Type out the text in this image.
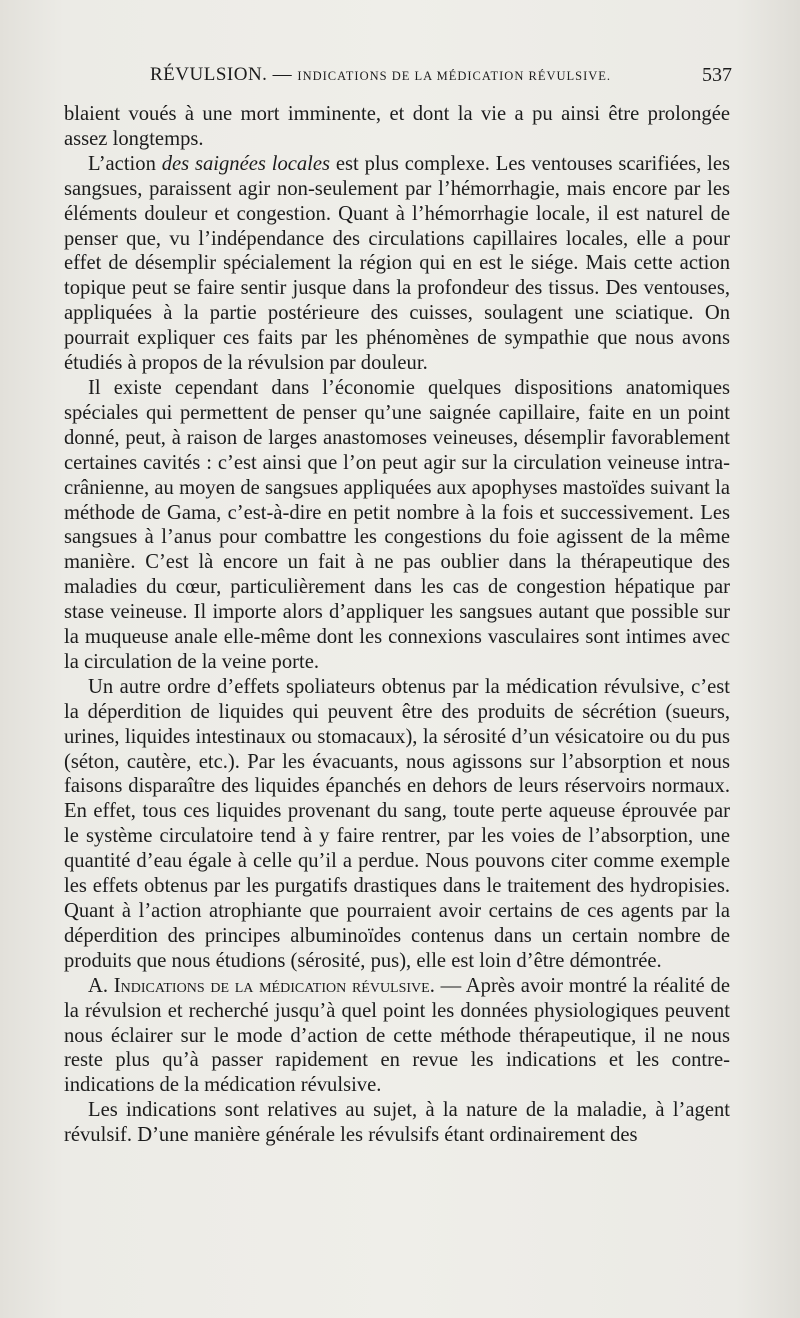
RÉVULSION. — INDICATIONS DE LA MÉDICATION RÉVULSIVE.	537

blaient voués à une mort imminente, et dont la vie a pu ainsi être prolongée assez longtemps.

L’action des saignées locales est plus complexe. Les ventouses scarifiées, les sangsues, paraissent agir non-seulement par l’hémorrhagie, mais encore par les éléments douleur et congestion. Quant à l’hémorrhagie locale, il est naturel de penser que, vu l’indépendance des circulations capillaires locales, elle a pour effet de désemplir spécialement la région qui en est le siége. Mais cette action topique peut se faire sentir jusque dans la profondeur des tissus. Des ventouses, appliquées à la partie postérieure des cuisses, soulagent une sciatique. On pourrait expliquer ces faits par les phénomènes de sympathie que nous avons étudiés à propos de la révulsion par douleur.

Il existe cependant dans l’économie quelques dispositions anatomiques spéciales qui permettent de penser qu’une saignée capillaire, faite en un point donné, peut, à raison de larges anastomoses veineuses, désemplir favorablement certaines cavités : c’est ainsi que l’on peut agir sur la circulation veineuse intra-crânienne, au moyen de sangsues appliquées aux apophyses mastoïdes suivant la méthode de Gama, c’est-à-dire en petit nombre à la fois et successivement. Les sangsues à l’anus pour combattre les congestions du foie agissent de la même manière. C’est là encore un fait à ne pas oublier dans la thérapeutique des maladies du cœur, particulièrement dans les cas de congestion hépatique par stase veineuse. Il importe alors d’appliquer les sangsues autant que possible sur la muqueuse anale elle-même dont les connexions vasculaires sont intimes avec la circulation de la veine porte.

Un autre ordre d’effets spoliateurs obtenus par la médication révulsive, c’est la déperdition de liquides qui peuvent être des produits de sécrétion (sueurs, urines, liquides intestinaux ou stomacaux), la sérosité d’un vésicatoire ou du pus (séton, cautère, etc.). Par les évacuants, nous agissons sur l’absorption et nous faisons disparaître des liquides épanchés en dehors de leurs réservoirs normaux. En effet, tous ces liquides provenant du sang, toute perte aqueuse éprouvée par le système circulatoire tend à y faire rentrer, par les voies de l’absorption, une quantité d’eau égale à celle qu’il a perdue. Nous pouvons citer comme exemple les effets obtenus par les purgatifs drastiques dans le traitement des hydropisies. Quant à l’action atrophiante que pourraient avoir certains de ces agents par la déperdition des principes albuminoïdes contenus dans un certain nombre de produits que nous étudions (sérosité, pus), elle est loin d’être démontrée.

A. Indications de la médication révulsive. — Après avoir montré la réalité de la révulsion et recherché jusqu’à quel point les données physiologiques peuvent nous éclairer sur le mode d’action de cette méthode thérapeutique, il ne nous reste plus qu’à passer rapidement en revue les indications et les contre-indications de la médication révulsive.

Les indications sont relatives au sujet, à la nature de la maladie, à l’agent révulsif. D’une manière générale les révulsifs étant ordinairement des
